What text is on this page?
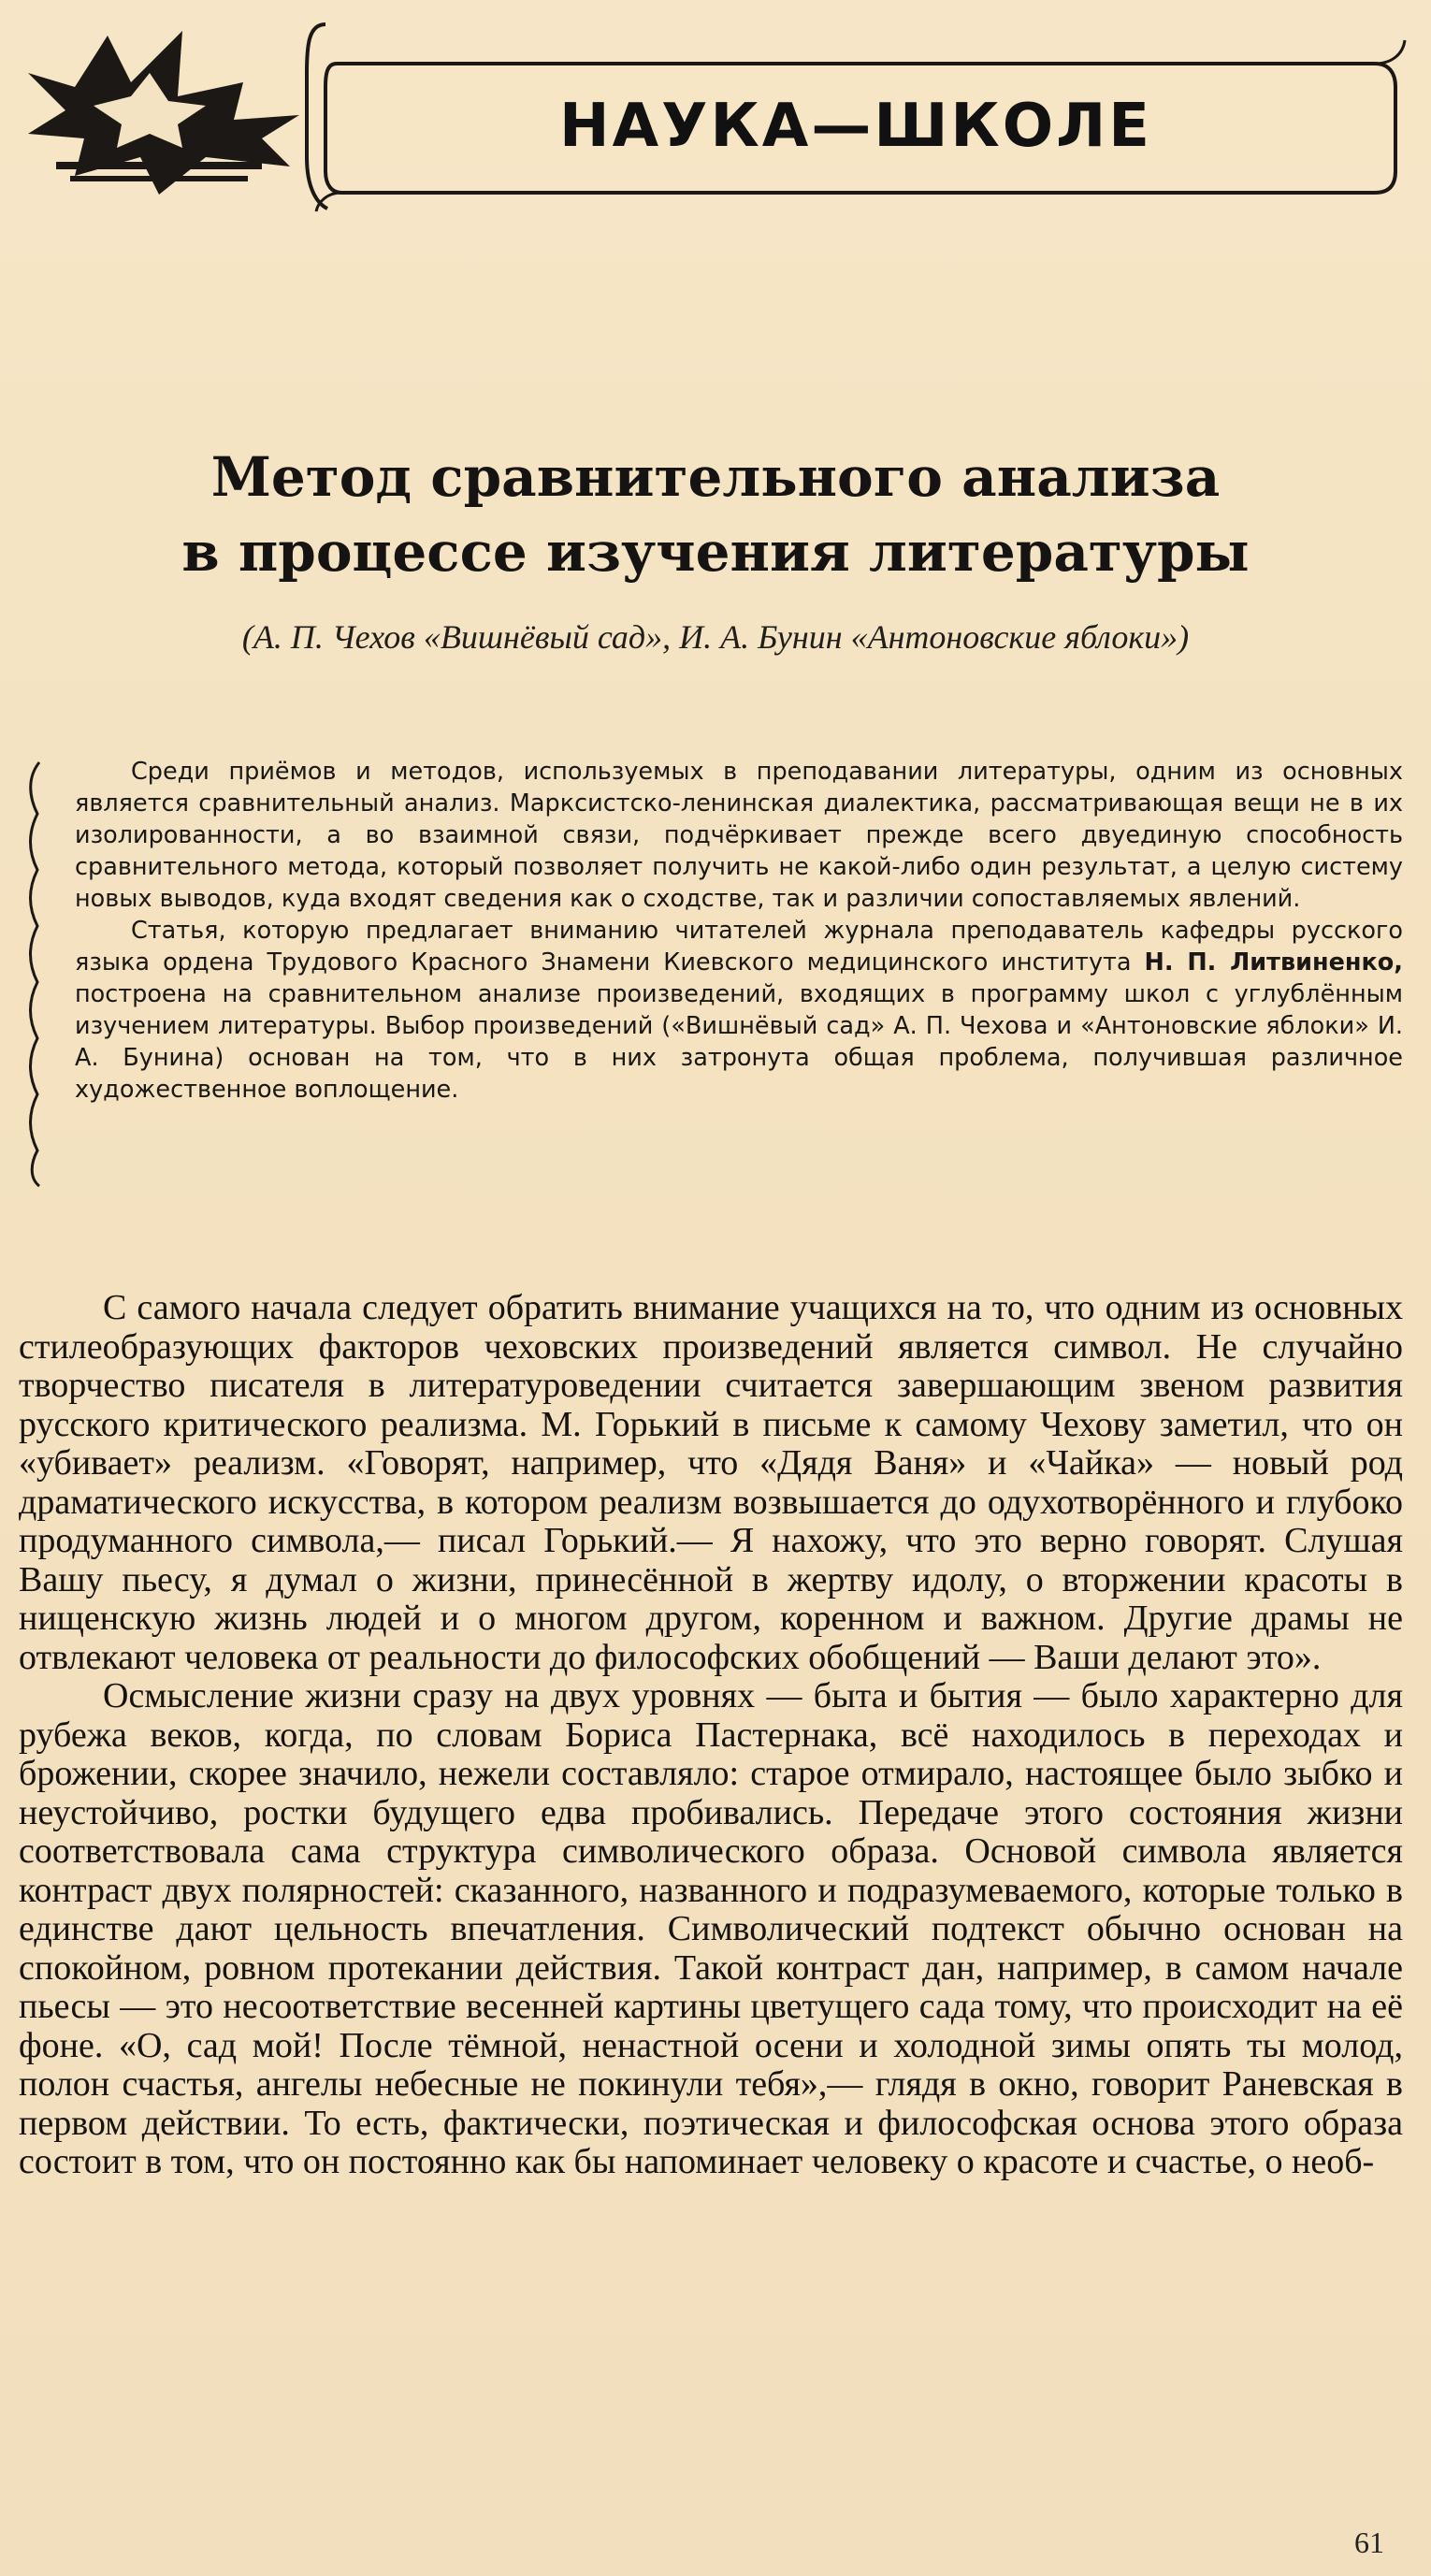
НАУКА—ШКОЛЕ
Метод сравнительного анализа
в процессе изучения литературы
(А. П. Чехов «Вишнёвый сад», И. А. Бунин «Антоновские яблоки»)

Среди приёмов и методов, используемых в преподавании литературы, одним из основных является сравнительный анализ. Марксистско-ленинская диалектика, рассматривающая вещи не в их изолированности, а во взаимной связи, подчёркивает прежде всего двуединую способность сравнительного метода, который позволяет получить не какой-либо один результат, а целую систему новых выводов, куда входят сведения как о сходстве, так и различии сопоставляемых явлений.

Статья, которую предлагает вниманию читателей журнала преподаватель кафедры русского языка ордена Трудового Красного Знамени Киевского медицинского института Н. П. Литвиненко, построена на сравнительном анализе произведений, входящих в программу школ с углублённым изучением литературы. Выбор произведений («Вишнёвый сад» А. П. Чехова и «Антоновские яблоки» И. А. Бунина) основан на том, что в них затронута общая проблема, получившая различное художественное воплощение.

С самого начала следует обратить внимание учащихся на то, что одним из основных стилеобразующих факторов чеховских произведений является символ. Не случайно творчество писателя в литературоведении считается завершающим звеном развития русского критического реализма. М. Горький в письме к самому Чехову заметил, что он «убивает» реализм. «Говорят, например, что «Дядя Ваня» и «Чайка» — новый род драматического искусства, в котором реализм возвышается до одухотворённого и глубоко продуманного символа,— писал Горький.— Я нахожу, что это верно говорят. Слушая Вашу пьесу, я думал о жизни, принесённой в жертву идолу, о вторжении красоты в нищенскую жизнь людей и о многом другом, коренном и важном. Другие драмы не отвлекают человека от реальности до философских обобщений — Ваши делают это».

Осмысление жизни сразу на двух уровнях — быта и бытия — было характерно для рубежа веков, когда, по словам Бориса Пастернака, всё находилось в переходах и брожении, скорее значило, нежели составляло: старое отмирало, настоящее было зыбко и неустойчиво, ростки будущего едва пробивались. Передаче этого состояния жизни соответствовала сама структура символического образа. Основой символа является контраст двух полярностей: сказанного, названного и подразумеваемого, которые только в единстве дают цельность впечатления. Символический подтекст обычно основан на спокойном, ровном протекании действия. Такой контраст дан, например, в самом начале пьесы — это несоответствие весенней картины цветущего сада тому, что происходит на её фоне. «О, сад мой! После тёмной, ненастной осени и холодной зимы опять ты молод, полон счастья, ангелы небесные не покинули тебя»,— глядя в окно, говорит Раневская в первом действии. То есть, фактически, поэтическая и философская основа этого образа состоит в том, что он постоянно как бы напоминает человеку о красоте и счастье, о необ-

61
